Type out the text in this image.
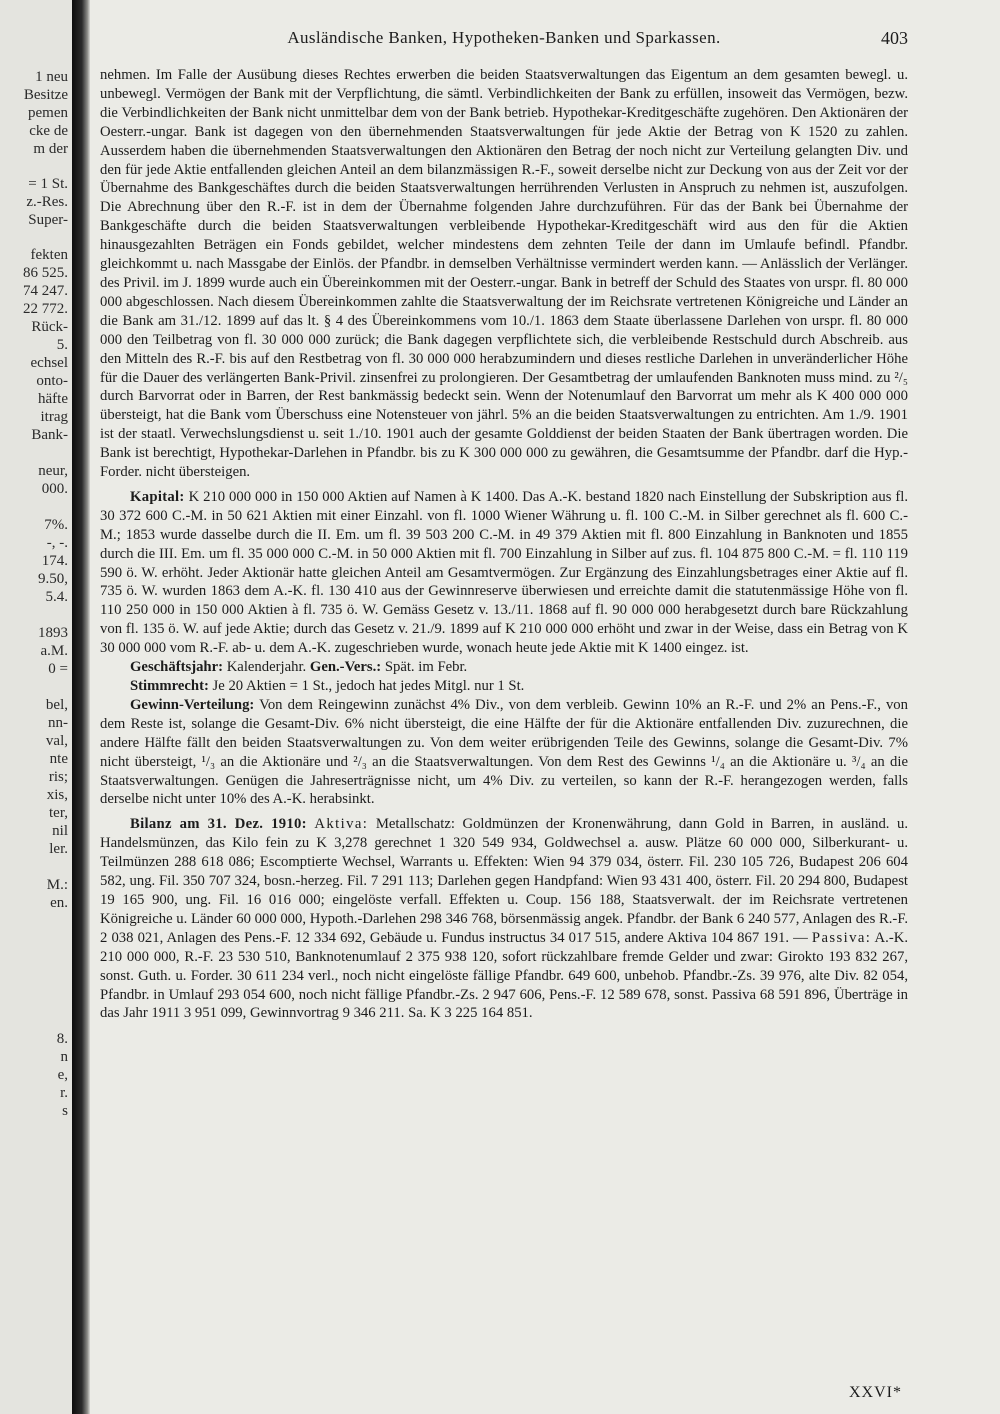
1 neu
Besitze
pemen
cke de
m der
= 1 St.
z.-Res.
Super-
fekten
86 525.
74 247.
22 772.
Rück-
5.
echsel
onto-
häfte
itrag
Bank-
neur,
000.
7%.
-, -.
174.
9.50,
5.4.
1893
a.M.
0 =
bel,
nn-
val,
nte
ris;
xis,
ter,
nil
ler.
M.:
en.
8.
n
e,
r.
s
Ausländische Banken, Hypotheken-Banken und Sparkassen.	403

nehmen. Im Falle der Ausübung dieses Rechtes erwerben die beiden Staatsverwaltungen das Eigentum an dem gesamten bewegl. u. unbewegl. Vermögen der Bank mit der Verpflichtung, die sämtl. Verbindlichkeiten der Bank zu erfüllen, insoweit das Vermögen, bezw. die Verbindlichkeiten der Bank nicht unmittelbar dem von der Bank betrieb. Hypothekar-Kreditgeschäfte zugehören. Den Aktionären der Oesterr.-ungar. Bank ist dagegen von den übernehmenden Staatsverwaltungen für jede Aktie der Betrag von K 1520 zu zahlen. Ausserdem haben die übernehmenden Staatsverwaltungen den Aktionären den Betrag der noch nicht zur Verteilung gelangten Div. und den für jede Aktie entfallenden gleichen Anteil an dem bilanzmässigen R.-F., soweit derselbe nicht zur Deckung von aus der Zeit vor der Übernahme des Bankgeschäftes durch die beiden Staatsverwaltungen herrührenden Verlusten in Anspruch zu nehmen ist, auszufolgen. Die Abrechnung über den R.-F. ist in dem der Übernahme folgenden Jahre durchzuführen. Für das der Bank bei Übernahme der Bankgeschäfte durch die beiden Staatsverwaltungen verbleibende Hypothekar-Kreditgeschäft wird aus den für die Aktien hinausgezahlten Beträgen ein Fonds gebildet, welcher mindestens dem zehnten Teile der dann im Umlaufe befindl. Pfandbr. gleichkommt u. nach Massgabe der Einlös. der Pfandbr. in demselben Verhältnisse vermindert werden kann. — Anlässlich der Verlänger. des Privil. im J. 1899 wurde auch ein Übereinkommen mit der Oesterr.-ungar. Bank in betreff der Schuld des Staates von urspr. fl. 80 000 000 abgeschlossen. Nach diesem Übereinkommen zahlte die Staatsverwaltung der im Reichsrate vertretenen Königreiche und Länder an die Bank am 31./12. 1899 auf das lt. § 4 des Übereinkommens vom 10./1. 1863 dem Staate überlassene Darlehen von urspr. fl. 80 000 000 den Teilbetrag von fl. 30 000 000 zurück; die Bank dagegen verpflichtete sich, die verbleibende Restschuld durch Abschreib. aus den Mitteln des R.-F. bis auf den Restbetrag von fl. 30 000 000 herabzumindern und dieses restliche Darlehen in unveränderlicher Höhe für die Dauer des verlängerten Bank-Privil. zinsenfrei zu prolongieren. Der Gesamtbetrag der umlaufenden Banknoten muss mind. zu ²/₅ durch Barvorrat oder in Barren, der Rest bankmässig bedeckt sein. Wenn der Notenumlauf den Barvorrat um mehr als K 400 000 000 übersteigt, hat die Bank vom Überschuss eine Notensteuer von jährl. 5% an die beiden Staatsverwaltungen zu entrichten. Am 1./9. 1901 ist der staatl. Verwechslungsdienst u. seit 1./10. 1901 auch der gesamte Golddienst der beiden Staaten der Bank übertragen worden. Die Bank ist berechtigt, Hypothekar-Darlehen in Pfandbr. bis zu K 300 000 000 zu gewähren, die Gesamtsumme der Pfandbr. darf die Hyp.-Forder. nicht übersteigen.

Kapital: K 210 000 000 in 150 000 Aktien auf Namen à K 1400. Das A.-K. bestand 1820 nach Einstellung der Subskription aus fl. 30 372 600 C.-M. in 50 621 Aktien mit einer Einzahl. von fl. 1000 Wiener Währung u. fl. 100 C.-M. in Silber gerechnet als fl. 600 C.-M.; 1853 wurde dasselbe durch die II. Em. um fl. 39 503 200 C.-M. in 49 379 Aktien mit fl. 800 Einzahlung in Banknoten und 1855 durch die III. Em. um fl. 35 000 000 C.-M. in 50 000 Aktien mit fl. 700 Einzahlung in Silber auf zus. fl. 104 875 800 C.-M. = fl. 110 119 590 ö. W. erhöht. Jeder Aktionär hatte gleichen Anteil am Gesamtvermögen. Zur Ergänzung des Einzahlungsbetrages einer Aktie auf fl. 735 ö. W. wurden 1863 dem A.-K. fl. 130 410 aus der Gewinnreserve überwiesen und erreichte damit die statutenmässige Höhe von fl. 110 250 000 in 150 000 Aktien à fl. 735 ö. W. Gemäss Gesetz v. 13./11. 1868 auf fl. 90 000 000 herabgesetzt durch bare Rückzahlung von fl. 135 ö. W. auf jede Aktie; durch das Gesetz v. 21./9. 1899 auf K 210 000 000 erhöht und zwar in der Weise, dass ein Betrag von K 30 000 000 vom R.-F. ab- u. dem A.-K. zugeschrieben wurde, wonach heute jede Aktie mit K 1400 eingez. ist.

Geschäftsjahr: Kalenderjahr. Gen.-Vers.: Spät. im Febr.

Stimmrecht: Je 20 Aktien = 1 St., jedoch hat jedes Mitgl. nur 1 St.

Gewinn-Verteilung: Von dem Reingewinn zunächst 4% Div., von dem verbleib. Gewinn 10% an R.-F. und 2% an Pens.-F., von dem Reste ist, solange die Gesamt-Div. 6% nicht übersteigt, die eine Hälfte der für die Aktionäre entfallenden Div. zuzurechnen, die andere Hälfte fällt den beiden Staatsverwaltungen zu. Von dem weiter erübrigenden Teile des Gewinns, solange die Gesamt-Div. 7% nicht übersteigt, ¹/₃ an die Aktionäre und ²/₃ an die Staatsverwaltungen. Von dem Rest des Gewinns ¹/₄ an die Aktionäre u. ³/₄ an die Staatsverwaltungen. Genügen die Jahreserträgnisse nicht, um 4% Div. zu verteilen, so kann der R.-F. herangezogen werden, falls derselbe nicht unter 10% des A.-K. herabsinkt.

Bilanz am 31. Dez. 1910: Aktiva: Metallschatz: Goldmünzen der Kronenwährung, dann Gold in Barren, in ausländ. u. Handelsmünzen, das Kilo fein zu K 3,278 gerechnet 1 320 549 934, Goldwechsel a. ausw. Plätze 60 000 000, Silberkurant- u. Teilmünzen 288 618 086; Escomptierte Wechsel, Warrants u. Effekten: Wien 94 379 034, österr. Fil. 230 105 726, Budapest 206 604 582, ung. Fil. 350 707 324, bosn.-herzeg. Fil. 7 291 113; Darlehen gegen Handpfand: Wien 93 431 400, österr. Fil. 20 294 800, Budapest 19 165 900, ung. Fil. 16 016 000; eingelöste verfall. Effekten u. Coup. 156 188, Staatsverwalt. der im Reichsrate vertretenen Königreiche u. Länder 60 000 000, Hypoth.-Darlehen 298 346 768, börsenmässig angek. Pfandbr. der Bank 6 240 577, Anlagen des R.-F. 2 038 021, Anlagen des Pens.-F. 12 334 692, Gebäude u. Fundus instructus 34 017 515, andere Aktiva 104 867 191. — Passiva: A.-K. 210 000 000, R.-F. 23 530 510, Banknotenumlauf 2 375 938 120, sofort rückzahlbare fremde Gelder und zwar: Girokto 193 832 267, sonst. Guth. u. Forder. 30 611 234 verl., noch nicht eingelöste fällige Pfandbr. 649 600, unbehob. Pfandbr.-Zs. 39 976, alte Div. 82 054, Pfandbr. in Umlauf 293 054 600, noch nicht fällige Pfandbr.-Zs. 2 947 606, Pens.-F. 12 589 678, sonst. Passiva 68 591 896, Überträge in das Jahr 1911 3 951 099, Gewinnvortrag 9 346 211. Sa. K 3 225 164 851.

XXVI*
